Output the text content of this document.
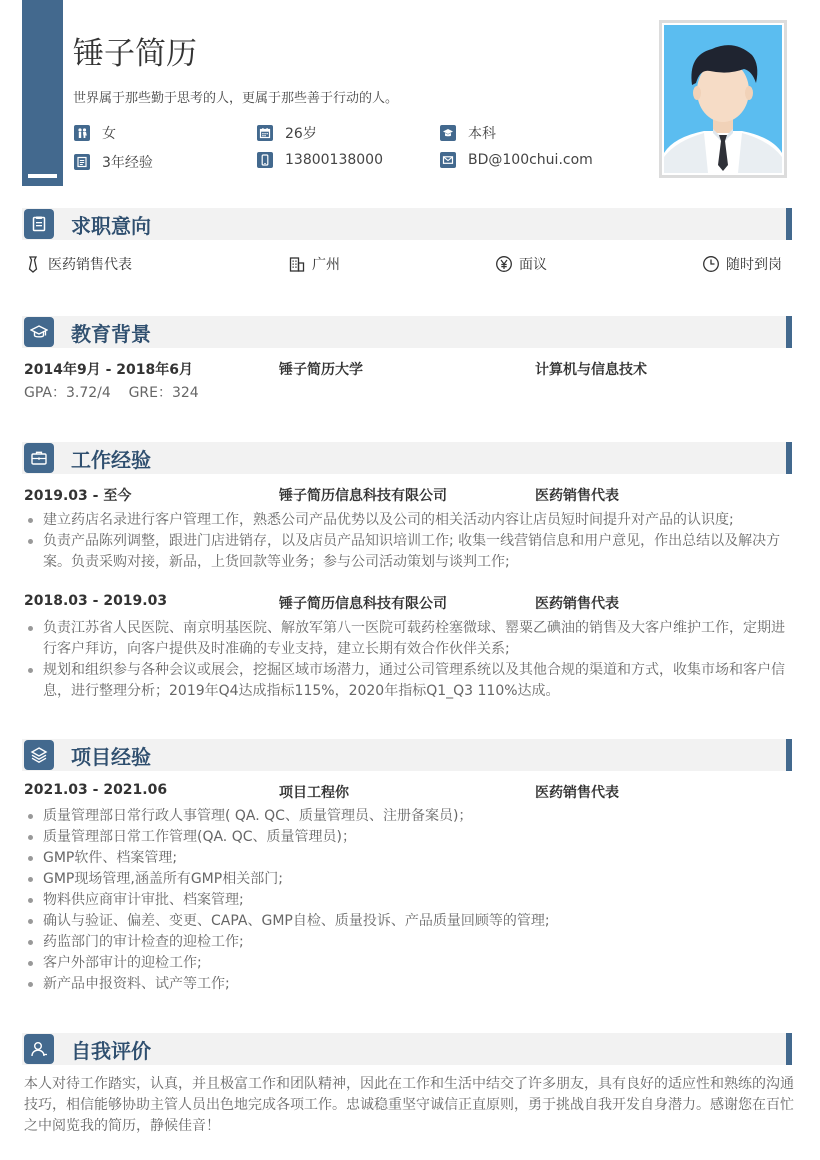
锤子简历
世界属于那些勤于思考的人，更属于那些善于行动的人。
女	26岁	本科
3年经验	13800138000	BD@100chui.com
求职意向
医药销售代表	广州	面议	随时到岗
教育背景
2014年9月 - 2018年6月	锤子简历大学	计算机与信息技术
GPA：3.72/4    GRE：324
工作经验
2019.03 - 至今	锤子简历信息科技有限公司	医药销售代表
建立药店名录进行客户管理工作，熟悉公司产品优势以及公司的相关活动内容让店员短时间提升对产品的认识度;
负责产品陈列调整，跟进门店进销存，以及店员产品知识培训工作; 收集一线营销信息和用户意见，作出总结以及解决方案。负责采购对接，新品，上货回款等业务；参与公司活动策划与谈判工作;
2018.03 - 2019.03	锤子简历信息科技有限公司	医药销售代表
负责江苏省人民医院、南京明基医院、解放军第八一医院可载药栓塞微球、罂粟乙碘油的销售及大客户维护工作，定期进行客户拜访，向客户提供及时准确的专业支持，建立长期有效合作伙伴关系;
规划和组织参与各种会议或展会，挖掘区域市场潜力，通过公司管理系统以及其他合规的渠道和方式，收集市场和客户信息，进行整理分析；2019年Q4达成指标115%，2020年指标Q1_Q3 110%达成。
项目经验
2021.03 - 2021.06	项目工程你	医药销售代表
质量管理部日常行政人事管理( QA. QC、质量管理员、注册备案员)；
质量管理部日常工作管理(QA. QC、质量管理员)；
GMP软件、档案管理;
GMP现场管理,涵盖所有GMP相关部门;
物料供应商审计审批、档案管理;
确认与验证、偏差、变更、CAPA、GMP自检、质量投诉、产品质量回顾等的管理;
药监部门的审计检查的迎检工作;
客户外部审计的迎检工作;
新产品申报资料、试产等工作;
自我评价
本人对待工作踏实，认真，并且极富工作和团队精神，因此在工作和生活中结交了许多朋友，具有良好的适应性和熟练的沟通技巧，相信能够协助主管人员出色地完成各项工作。忠诚稳重坚守诚信正直原则，勇于挑战自我开发自身潜力。感谢您在百忙之中阅览我的简历，静候佳音！
